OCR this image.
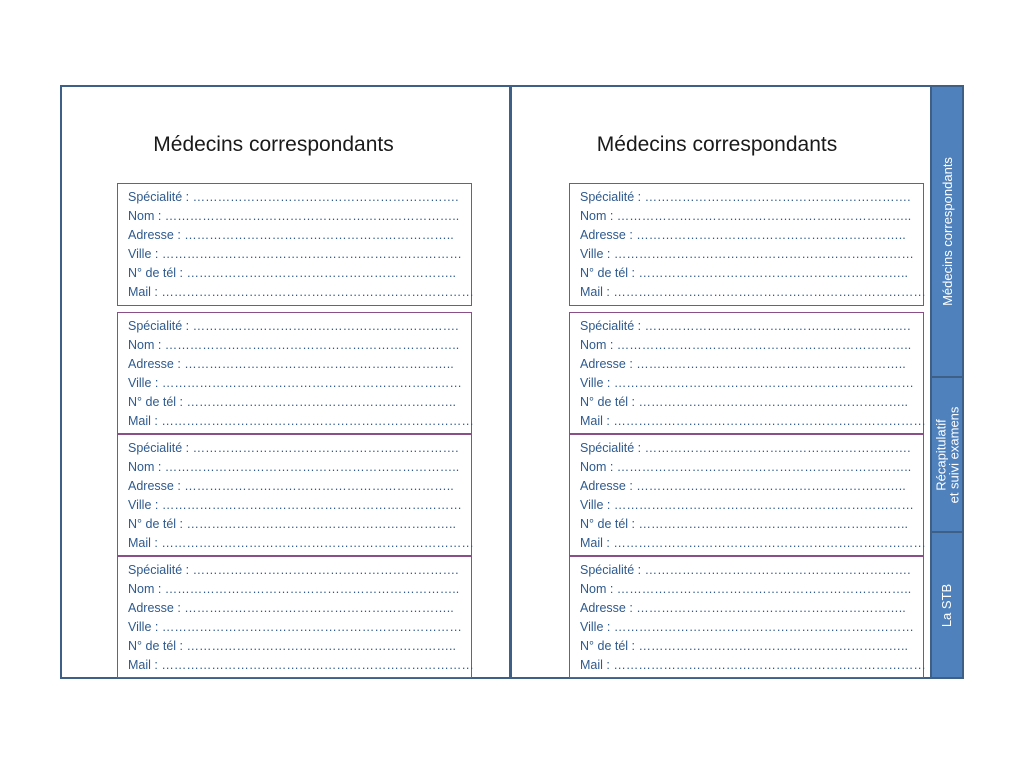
Médecins correspondants
Spécialité : ……………………………………………………….
Nom : ……………………………………………………………..
Adresse : ………………………………………………………..
Ville : ………………………………………………………………
N° de tél : ………………………………………………………..
Mail : …………………………………………………………………
Spécialité : ……………………………………………………….
Nom : ……………………………………………………………..
Adresse : ………………………………………………………..
Ville : ………………………………………………………………
N° de tél : ………………………………………………………..
Mail : …………………………………………………………………
Spécialité : ……………………………………………………….
Nom : ……………………………………………………………..
Adresse : ………………………………………………………..
Ville : ………………………………………………………………
N° de tél : ………………………………………………………..
Mail : …………………………………………………………………
Spécialité : ……………………………………………………….
Nom : ……………………………………………………………..
Adresse : ………………………………………………………..
Ville : ………………………………………………………………
N° de tél : ………………………………………………………..
Mail : …………………………………………………………………
Médecins correspondants
Spécialité : ……………………………………………………….
Nom : ……………………………………………………………..
Adresse : ………………………………………………………..
Ville : ………………………………………………………………
N° de tél : ………………………………………………………..
Mail : …………………………………………………………………
Spécialité : ……………………………………………………….
Nom : ……………………………………………………………..
Adresse : ………………………………………………………..
Ville : ………………………………………………………………
N° de tél : ………………………………………………………..
Mail : …………………………………………………………………
Spécialité : ……………………………………………………….
Nom : ……………………………………………………………..
Adresse : ………………………………………………………..
Ville : ………………………………………………………………
N° de tél : ………………………………………………………..
Mail : …………………………………………………………………
Spécialité : ……………………………………………………….
Nom : ……………………………………………………………..
Adresse : ………………………………………………………..
Ville : ………………………………………………………………
N° de tél : ………………………………………………………..
Mail : …………………………………………………………………
Médecins correspondants
Récapitulatif
et suivi examens
La STB
